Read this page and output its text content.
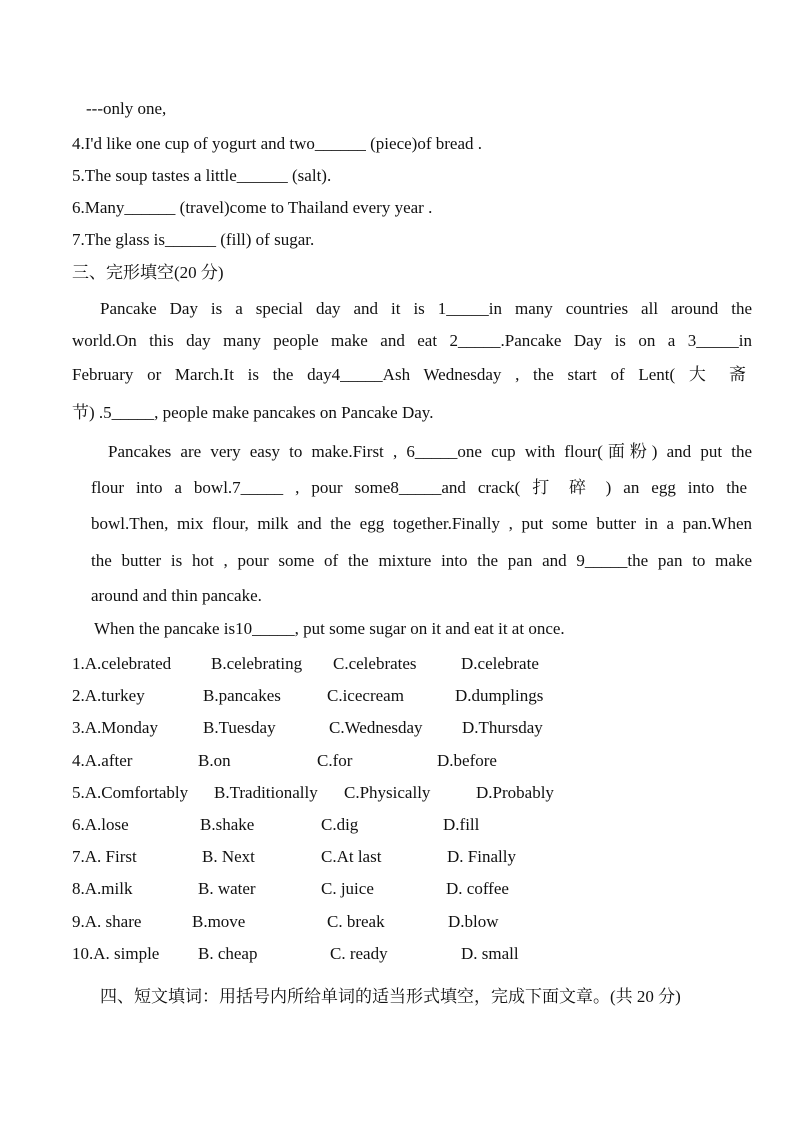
---only one,
4.I'd like one cup of yogurt and two______ (piece)of bread .
5.The soup tastes a little______ (salt).
6.Many______ (travel)come to Thailand every year .
7.The glass is______ (fill) of sugar.
三、完形填空(20 分)
Pancake Day is a special day and it is 1_____in many countries all around the
world.On this day many people make and eat 2_____.Pancake Day is on a 3_____in
February or March.It is the day4_____Ash Wednesday , the start of Lent( 大 斋
节) .5_____, people make pancakes on Pancake Day.
Pancakes are very easy to make.First , 6_____one cup with flour(面粉) and put the
flour into a bowl.7_____ , pour some8_____and crack( 打 碎 ) an egg into the
bowl.Then, mix flour, milk and the egg together.Finally , put some butter in a pan.When
the butter is hot , pour some of the mixture into the pan and 9_____the pan to make
around and thin pancake.
When the pancake is10_____, put some sugar on it and eat it at once.
1.A.celebrated B.celebrating C.celebrates	D.celebrate
2.A.turkey	B.pancakes	C.icecream	D.dumplings
3.A.Monday	B.Tuesday	C.Wednesday D.Thursday
4.A.after	B.on	C.for	D.before
5.A.Comfortably B.Traditionally C.Physically	D.Probably
6.A.lose	B.shake	C.dig	D.fill
7.A. First	B. Next	C.At last	D. Finally
8.A.milk	B. water	C. juice	D. coffee
9.A. share	B.move	C. break	D.blow
10.A. simple B. cheap	C. ready	D. small
四、短文填词：用括号内所给单词的适当形式填空，完成下面文章。(共 20 分)
